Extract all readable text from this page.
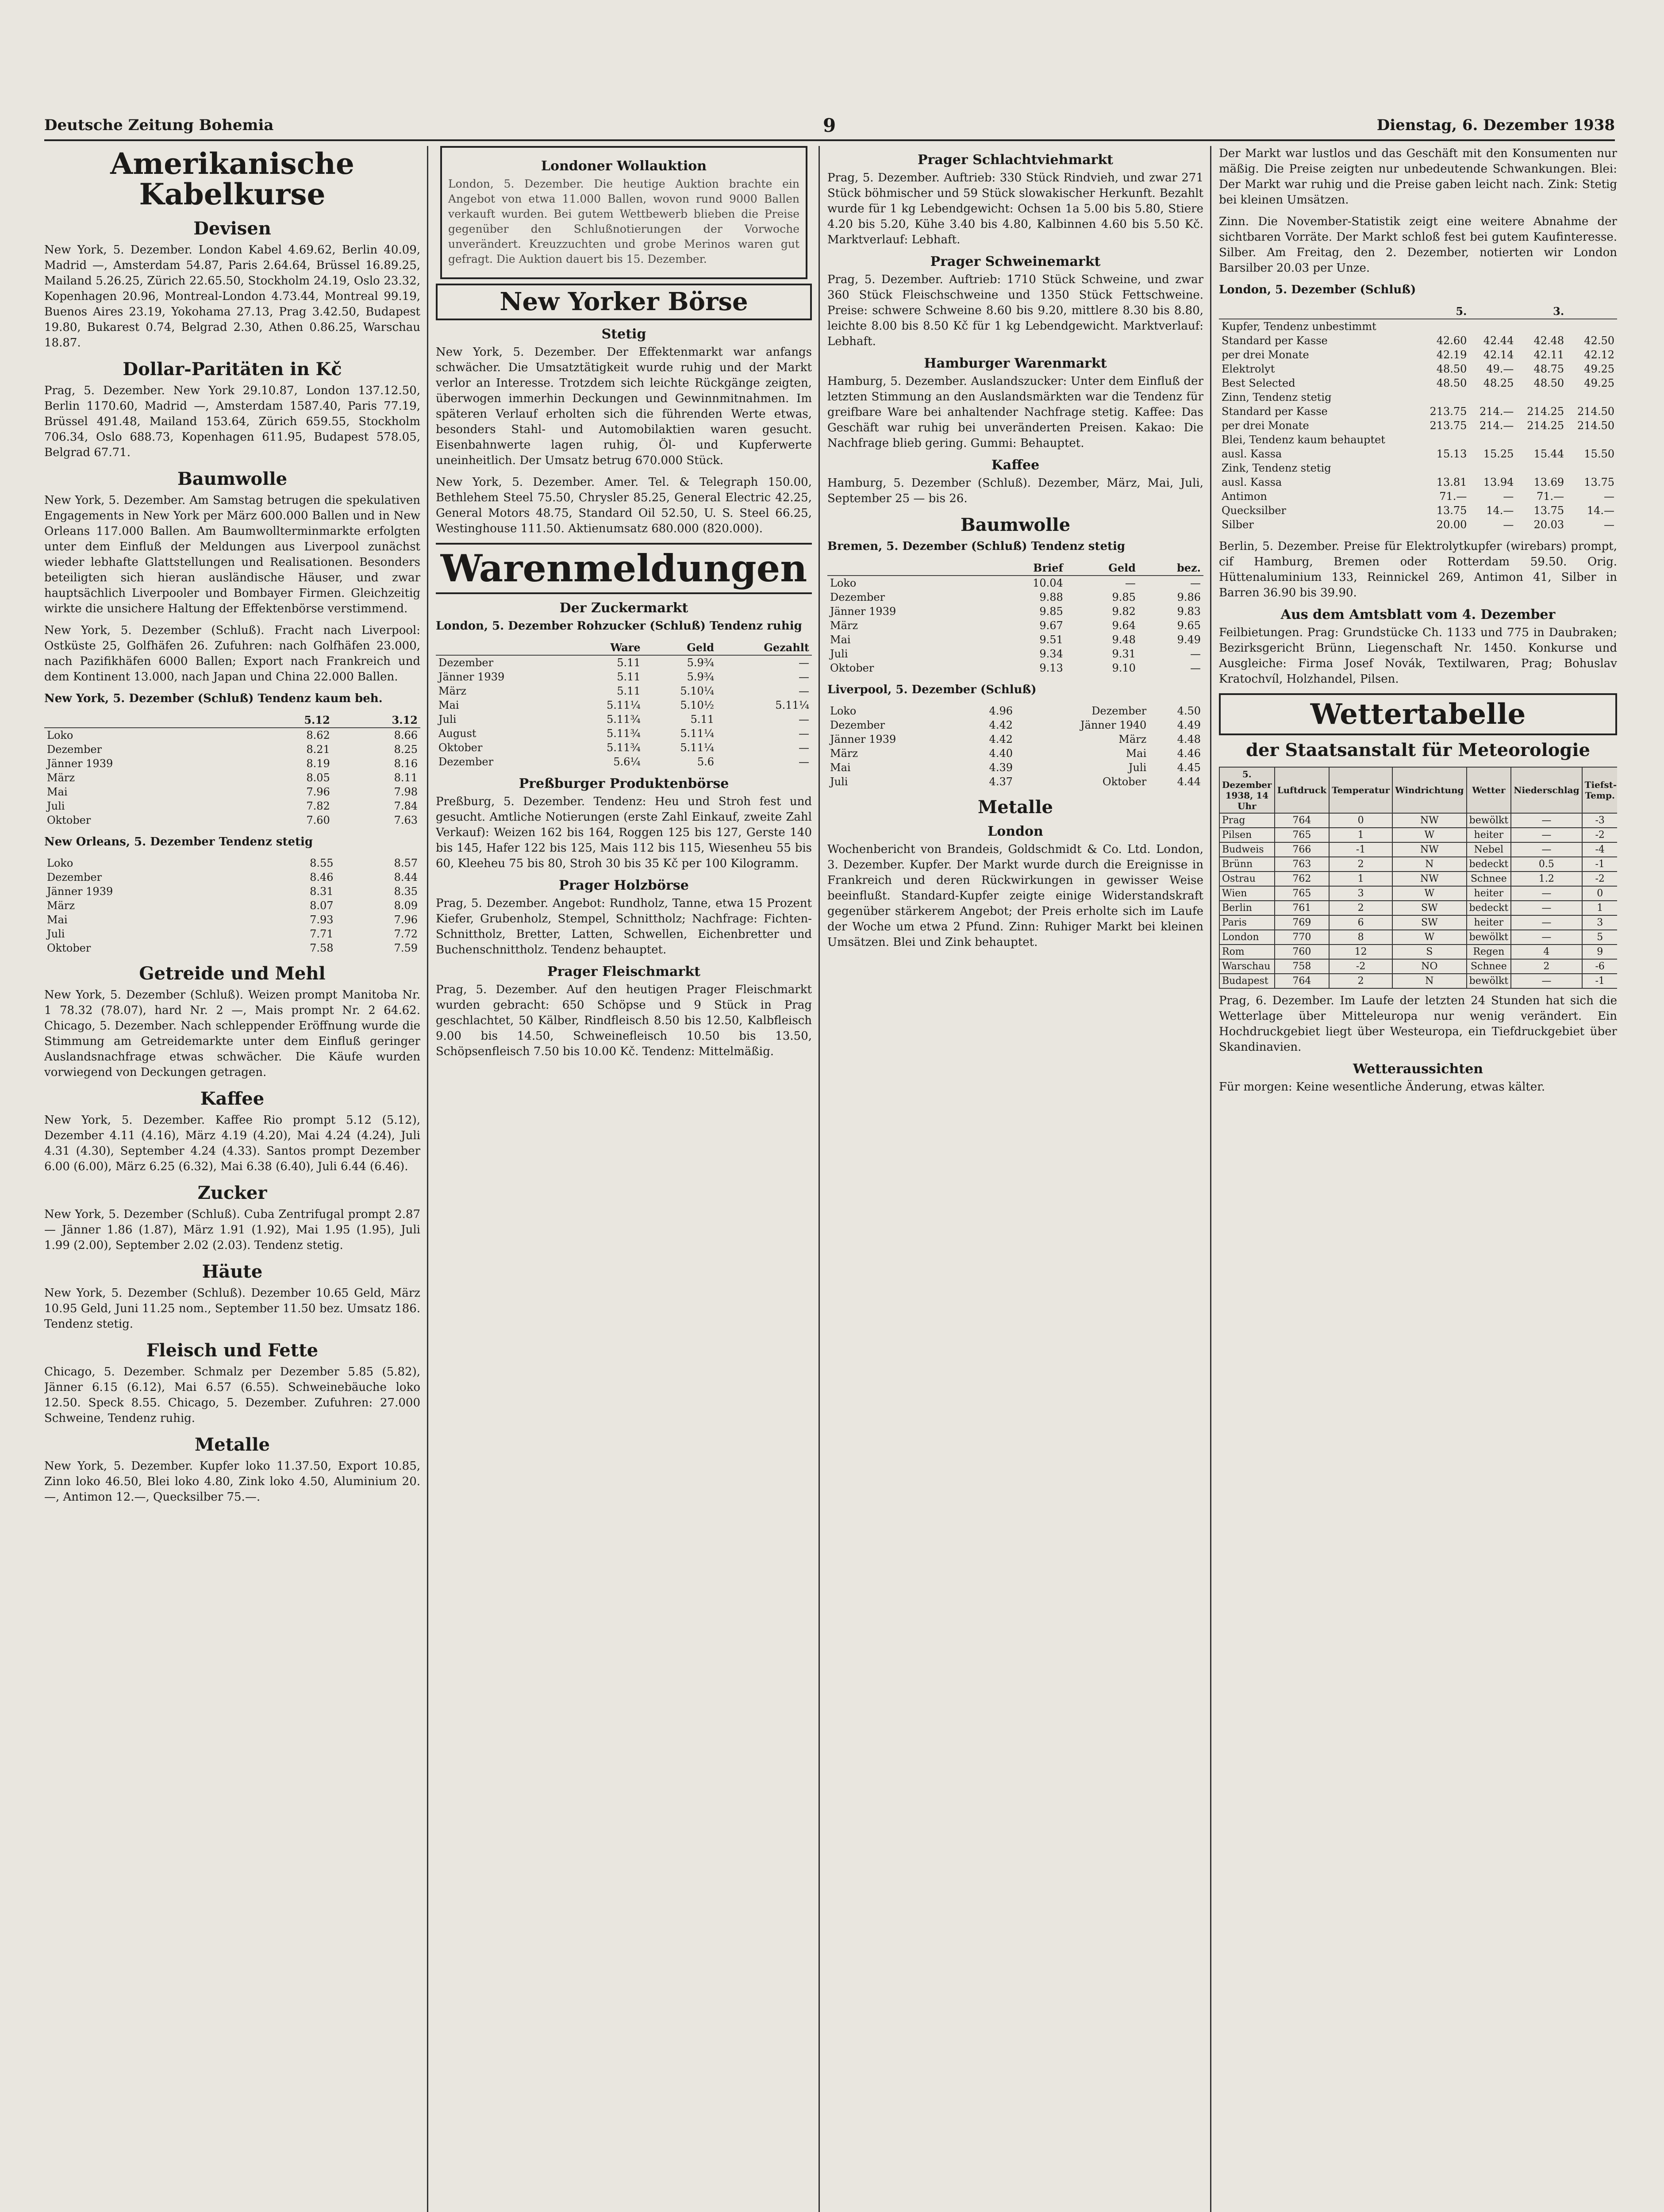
Deutsche Zeitung Bohemia	9	Dienstag, 6. Dezember 1938
Amerikanische Kabelkurse
Devisen

New York, 5. Dezember. London Kabel 4.69.62, Berlin 40.09, Madrid —, Amsterdam 54.87, Paris 2.64.64, Brüssel 16.89.25, Mailand 5.26.25, Zürich 22.65.50, Stockholm 24.19, Oslo 23.32, Kopenhagen 20.96, Montreal-London 4.73.44, Montreal 99.19, Buenos Aires 23.19, Yokohama 27.13, Prag 3.42.50, Budapest 19.80, Bukarest 0.74, Belgrad 2.30, Athen 0.86.25, Warschau 18.87.

Dollar-Paritäten in Kč

Prag, 5. Dezember. New York 29.10.87, London 137.12.50, Berlin 1170.60, Madrid —, Amsterdam 1587.40, Paris 77.19, Brüssel 491.48, Mailand 153.64, Zürich 659.55, Stockholm 706.34, Oslo 688.73, Kopenhagen 611.95, Budapest 578.05, Belgrad 67.71.

Baumwolle

New York, 5. Dezember. Am Samstag betrugen die spekulativen Engagements in New York per März 600.000 Ballen und in New Orleans 117.000 Ballen. Am Baumwollterminmarkte erfolgten unter dem Einfluß der Meldungen aus Liverpool zunächst wieder lebhafte Glattstellungen und Realisationen. Besonders beteiligten sich hieran ausländische Häuser, und zwar hauptsächlich Liverpooler und Bombayer Firmen. Gleichzeitig wirkte die unsichere Haltung der Effektenbörse verstimmend.

New York, 5. Dezember (Schluß). Fracht nach Liverpool: Ostküste 25, Golfhäfen 26. Zufuhren: nach Golfhäfen 23.000, nach Pazifikhäfen 6000 Ballen; Export nach Frankreich und dem Kontinent 13.000, nach Japan und China 22.000 Ballen.

New York, 5. Dezember (Schluß) Tendenz kaum beh.

	5.12	3.12
Loko	8.62	8.66
Dezember	8.21	8.25
Jänner 1939	8.19	8.16
März	8.05	8.11
Mai	7.96	7.98
Juli	7.82	7.84
Oktober	7.60	7.63

New Orleans, 5. Dezember Tendenz stetig

Loko	8.55	8.57
Dezember	8.46	8.44
Jänner 1939	8.31	8.35
März	8.07	8.09
Mai	7.93	7.96
Juli	7.71	7.72
Oktober	7.58	7.59
Getreide und Mehl

New York, 5. Dezember (Schluß). Weizen prompt Manitoba Nr. 1 78.32 (78.07), hard Nr. 2 —, Mais prompt Nr. 2 64.62. Chicago, 5. Dezember. Nach schleppender Eröffnung wurde die Stimmung am Getreidemarkte unter dem Einfluß geringer Auslandsnachfrage etwas schwächer. Die Käufe wurden vorwiegend von Deckungen getragen.

Kaffee

New York, 5. Dezember. Kaffee Rio prompt 5.12 (5.12), Dezember 4.11 (4.16), März 4.19 (4.20), Mai 4.24 (4.24), Juli 4.31 (4.30), September 4.24 (4.33). Santos prompt Dezember 6.00 (6.00), März 6.25 (6.32), Mai 6.38 (6.40), Juli 6.44 (6.46).

Zucker

New York, 5. Dezember (Schluß). Cuba Zentrifugal prompt 2.87 — Jänner 1.86 (1.87), März 1.91 (1.92), Mai 1.95 (1.95), Juli 1.99 (2.00), September 2.02 (2.03). Tendenz stetig.

Häute

New York, 5. Dezember (Schluß). Dezember 10.65 Geld, März 10.95 Geld, Juni 11.25 nom., September 11.50 bez. Umsatz 186. Tendenz stetig.

Fleisch und Fette

Chicago, 5. Dezember. Schmalz per Dezember 5.85 (5.82), Jänner 6.15 (6.12), Mai 6.57 (6.55). Schweinebäuche loko 12.50. Speck 8.55. Chicago, 5. Dezember. Zufuhren: 27.000 Schweine, Tendenz ruhig.

Metalle

New York, 5. Dezember. Kupfer loko 11.37.50, Export 10.85, Zinn loko 46.50, Blei loko 4.80, Zink loko 4.50, Aluminium 20.—, Antimon 12.—, Quecksilber 75.—.

Londoner Wollauktion

London, 5. Dezember. Die heutige Auktion brachte ein Angebot von etwa 11.000 Ballen, wovon rund 9000 Ballen verkauft wurden. Bei gutem Wettbewerb blieben die Preise gegenüber den Schlußnotierungen der Vorwoche unverändert. Kreuzzuchten und grobe Merinos waren gut gefragt. Die Auktion dauert bis 15. Dezember.

New Yorker Börse
Stetig

New York, 5. Dezember. Der Effektenmarkt war anfangs schwächer. Die Umsatztätigkeit wurde ruhig und der Markt verlor an Interesse. Trotzdem sich leichte Rückgänge zeigten, überwogen immerhin Deckungen und Gewinnmitnahmen. Im späteren Verlauf erholten sich die führenden Werte etwas, besonders Stahl- und Automobilaktien waren gesucht. Eisenbahnwerte lagen ruhig, Öl- und Kupferwerte uneinheitlich. Der Umsatz betrug 670.000 Stück.

New York, 5. Dezember. Amer. Tel. & Telegraph 150.00, Bethlehem Steel 75.50, Chrysler 85.25, General Electric 42.25, General Motors 48.75, Standard Oil 52.50, U. S. Steel 66.25, Westinghouse 111.50. Aktienumsatz 680.000 (820.000).

Warenmeldungen
Der Zuckermarkt

London, 5. Dezember Rohzucker (Schluß) Tendenz ruhig

	Ware	Geld	Gezahlt
Dezember	5.11	5.9¾	—
Jänner 1939	5.11	5.9¾	—
März	5.11	5.10¼	—
Mai	5.11¼	5.10½	5.11¼
Juli	5.11¾	5.11	—
August	5.11¾	5.11¼	—
Oktober	5.11¾	5.11¼	—
Dezember	5.6¼	5.6	—
Preßburger Produktenbörse

Preßburg, 5. Dezember. Tendenz: Heu und Stroh fest und gesucht. Amtliche Notierungen (erste Zahl Einkauf, zweite Zahl Verkauf): Weizen 162 bis 164, Roggen 125 bis 127, Gerste 140 bis 145, Hafer 122 bis 125, Mais 112 bis 115, Wiesenheu 55 bis 60, Kleeheu 75 bis 80, Stroh 30 bis 35 Kč per 100 Kilogramm.

Prager Holzbörse

Prag, 5. Dezember. Angebot: Rundholz, Tanne, etwa 15 Prozent Kiefer, Grubenholz, Stempel, Schnittholz; Nachfrage: Fichten-Schnittholz, Bretter, Latten, Schwellen, Eichenbretter und Buchenschnittholz. Tendenz behauptet.

Prager Fleischmarkt

Prag, 5. Dezember. Auf den heutigen Prager Fleischmarkt wurden gebracht: 650 Schöpse und 9 Stück in Prag geschlachtet, 50 Kälber, Rindfleisch 8.50 bis 12.50, Kalbfleisch 9.00 bis 14.50, Schweinefleisch 10.50 bis 13.50, Schöpsenfleisch 7.50 bis 10.00 Kč. Tendenz: Mittelmäßig.

Prager Schlachtviehmarkt

Prag, 5. Dezember. Auftrieb: 330 Stück Rindvieh, und zwar 271 Stück böhmischer und 59 Stück slowakischer Herkunft. Bezahlt wurde für 1 kg Lebendgewicht: Ochsen 1a 5.00 bis 5.80, Stiere 4.20 bis 5.20, Kühe 3.40 bis 4.80, Kalbinnen 4.60 bis 5.50 Kč. Marktverlauf: Lebhaft.

Prager Schweinemarkt

Prag, 5. Dezember. Auftrieb: 1710 Stück Schweine, und zwar 360 Stück Fleischschweine und 1350 Stück Fettschweine. Preise: schwere Schweine 8.60 bis 9.20, mittlere 8.30 bis 8.80, leichte 8.00 bis 8.50 Kč für 1 kg Lebendgewicht. Marktverlauf: Lebhaft.

Hamburger Warenmarkt

Hamburg, 5. Dezember. Auslandszucker: Unter dem Einfluß der letzten Stimmung an den Auslandsmärkten war die Tendenz für greifbare Ware bei anhaltender Nachfrage stetig. Kaffee: Das Geschäft war ruhig bei unveränderten Preisen. Kakao: Die Nachfrage blieb gering. Gummi: Behauptet.

Kaffee

Hamburg, 5. Dezember (Schluß). Dezember, März, Mai, Juli, September 25 — bis 26.

Baumwolle

Bremen, 5. Dezember (Schluß) Tendenz stetig

	Brief	Geld	bez.
Loko	10.04	—	—
Dezember	9.88	9.85	9.86
Jänner 1939	9.85	9.82	9.83
März	9.67	9.64	9.65
Mai	9.51	9.48	9.49
Juli	9.34	9.31	—
Oktober	9.13	9.10	—

Liverpool, 5. Dezember (Schluß)

Loko	4.96	Dezember	4.50
Dezember	4.42	Jänner 1940	4.49
Jänner 1939	4.42	März	4.48
März	4.40	Mai	4.46
Mai	4.39	Juli	4.45
Juli	4.37	Oktober	4.44
Metalle
London

Wochenbericht von Brandeis, Goldschmidt & Co. Ltd. London, 3. Dezember. Kupfer. Der Markt wurde durch die Ereignisse in Frankreich und deren Rückwirkungen in gewisser Weise beeinflußt. Standard-Kupfer zeigte einige Widerstandskraft gegenüber stärkerem Angebot; der Preis erholte sich im Laufe der Woche um etwa 2 Pfund. Zinn: Ruhiger Markt bei kleinen Umsätzen. Blei und Zink behauptet.

Der Markt war lustlos und das Geschäft mit den Konsumenten nur mäßig. Die Preise zeigten nur unbedeutende Schwankungen. Blei: Der Markt war ruhig und die Preise gaben leicht nach. Zink: Stetig bei kleinen Umsätzen.

Zinn. Die November-Statistik zeigt eine weitere Abnahme der sichtbaren Vorräte. Der Markt schloß fest bei gutem Kaufinteresse. Silber. Am Freitag, den 2. Dezember, notierten wir London Barsilber 20.03 per Unze.

London, 5. Dezember (Schluß)

	5.		3.	
Kupfer, Tendenz unbestimmt				
Standard per Kasse	42.60	42.44	42.48	42.50
per drei Monate	42.19	42.14	42.11	42.12
Elektrolyt	48.50	49.—	48.75	49.25
Best Selected	48.50	48.25	48.50	49.25
Zinn, Tendenz stetig				
Standard per Kasse	213.75	214.—	214.25	214.50
per drei Monate	213.75	214.—	214.25	214.50
Blei, Tendenz kaum behauptet				
ausl. Kassa	15.13	15.25	15.44	15.50
Zink, Tendenz stetig				
ausl. Kassa	13.81	13.94	13.69	13.75
Antimon	71.—	—	71.—	—
Quecksilber	13.75	14.—	13.75	14.—
Silber	20.00	—	20.03	—

Berlin, 5. Dezember. Preise für Elektrolytkupfer (wirebars) prompt, cif Hamburg, Bremen oder Rotterdam 59.50. Orig. Hüttenaluminium 133, Reinnickel 269, Antimon 41, Silber in Barren 36.90 bis 39.90.

Aus dem Amtsblatt vom 4. Dezember

Feilbietungen. Prag: Grundstücke Ch. 1133 und 775 in Daubraken; Bezirksgericht Brünn, Liegenschaft Nr. 1450. Konkurse und Ausgleiche: Firma Josef Novák, Textilwaren, Prag; Bohuslav Kratochvíl, Holzhandel, Pilsen.

Wettertabelle
der Staatsanstalt für Meteorologie
5. Dezember 1938, 14 Uhr	Luftdruck	Temperatur	Windrichtung	Wetter	Niederschlag	Tiefst-Temp.
Prag	764	0	NW	bewölkt	—	-3
Pilsen	765	1	W	heiter	—	-2
Budweis	766	-1	NW	Nebel	—	-4
Brünn	763	2	N	bedeckt	0.5	-1
Ostrau	762	1	NW	Schnee	1.2	-2
Wien	765	3	W	heiter	—	0
Berlin	761	2	SW	bedeckt	—	1
Paris	769	6	SW	heiter	—	3
London	770	8	W	bewölkt	—	5
Rom	760	12	S	Regen	4	9
Warschau	758	-2	NO	Schnee	2	-6
Budapest	764	2	N	bewölkt	—	-1

Prag, 6. Dezember. Im Laufe der letzten 24 Stunden hat sich die Wetterlage über Mitteleuropa nur wenig verändert. Ein Hochdruckgebiet liegt über Westeuropa, ein Tiefdruckgebiet über Skandinavien.

Wetteraussichten

Für morgen: Keine wesentliche Änderung, etwas kälter.
